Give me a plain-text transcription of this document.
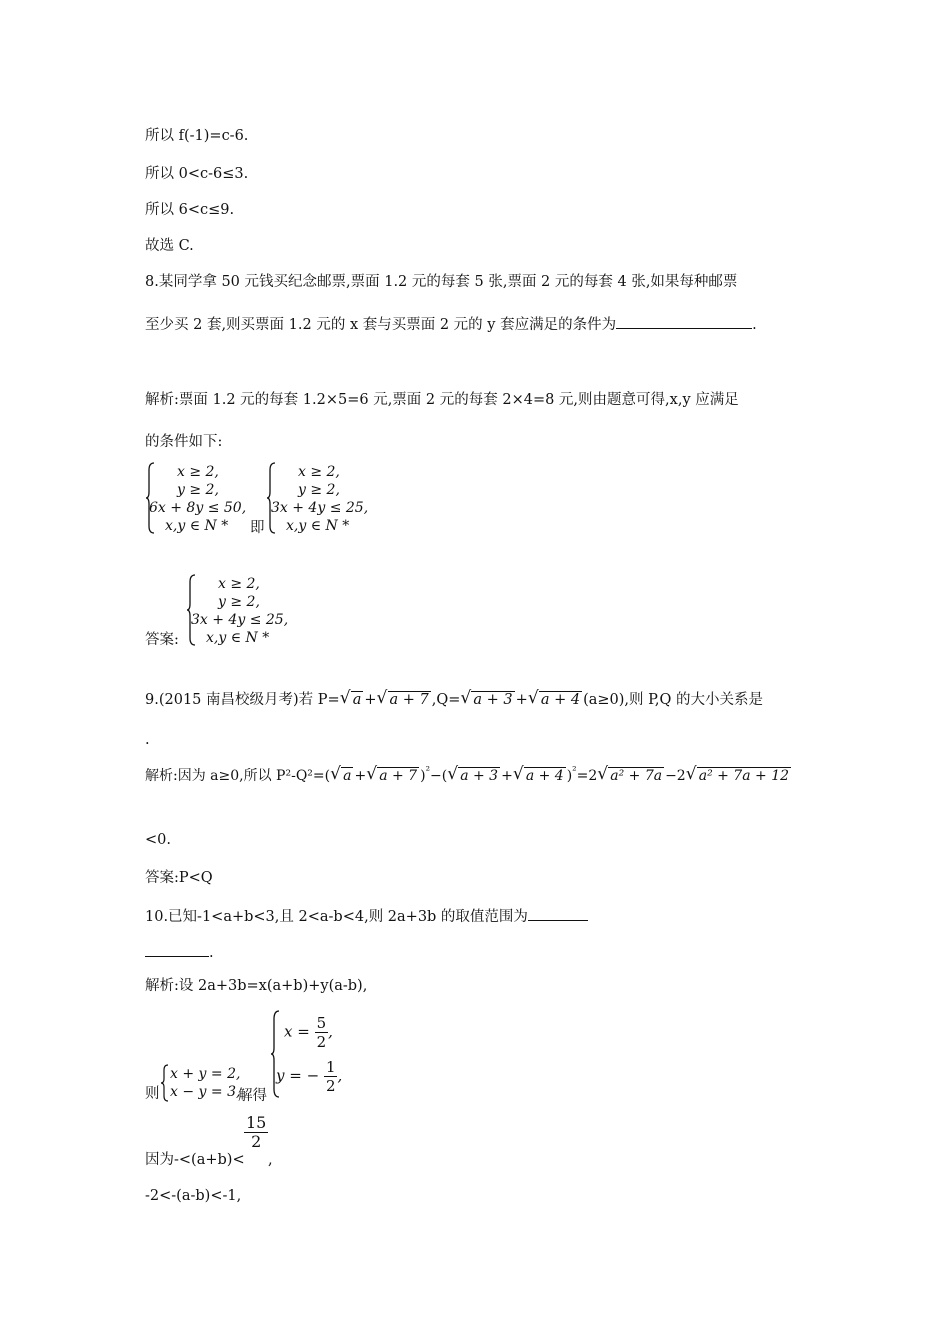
所以 f(-1)=c-6.
所以 0<c-6≤3.
所以 6<c≤9.
故选 C.
8.某同学拿 50 元钱买纪念邮票,票面 1.2 元的每套 5 张,票面 2 元的每套 4 张,如果每种邮票
至少买 2 套,则买票面 1.2 元的 x 套与买票面 2 元的 y 套应满足的条件为	.
解析:票面 1.2 元的每套 1.2×5=6 元,票面 2 元的每套 2×4=8 元,则由题意可得,x,y 应满足
的条件如下:
x ≥ 2,
y ≥ 2,
6x + 8y ≤ 50,
x,y ∈ N * 即
x ≥ 2,
y ≥ 2,
3x + 4y ≤ 25,
x,y ∈ N *
答案:
x ≥ 2,
y ≥ 2,
3x + 4y ≤ 25,
x,y ∈ N *
9.(2015 南昌校级月考)若 P= √ a + √ a + 7 ,Q= √ a + 3 + √ a + 4 (a≥0),则 P,Q 的大小关系是
.
解析:因为 a≥0,所以 P²-Q²=( √ a + √ a + 7 )$^{^2}$−( √ a + 3 + √ a + 4 )$^{^2}$=2 √ a² + 7a −2 √ a² + 7a + 12
<0.
答案:P<Q
10.已知-1<a+b<3,且 2<a-b<4,则 2a+3b 的取值范围为
.
解析:设 2a+3b=x(a+b)+y(a-b),
则
x + y = 2,
x − y = 3,
解得
$x = \frac{5}{2}$ ,
y = − $\frac{1}{2}$ ,
因为-<(a+b)<
$\frac{15}{2}$
,
-2<-(a-b)<-1,
